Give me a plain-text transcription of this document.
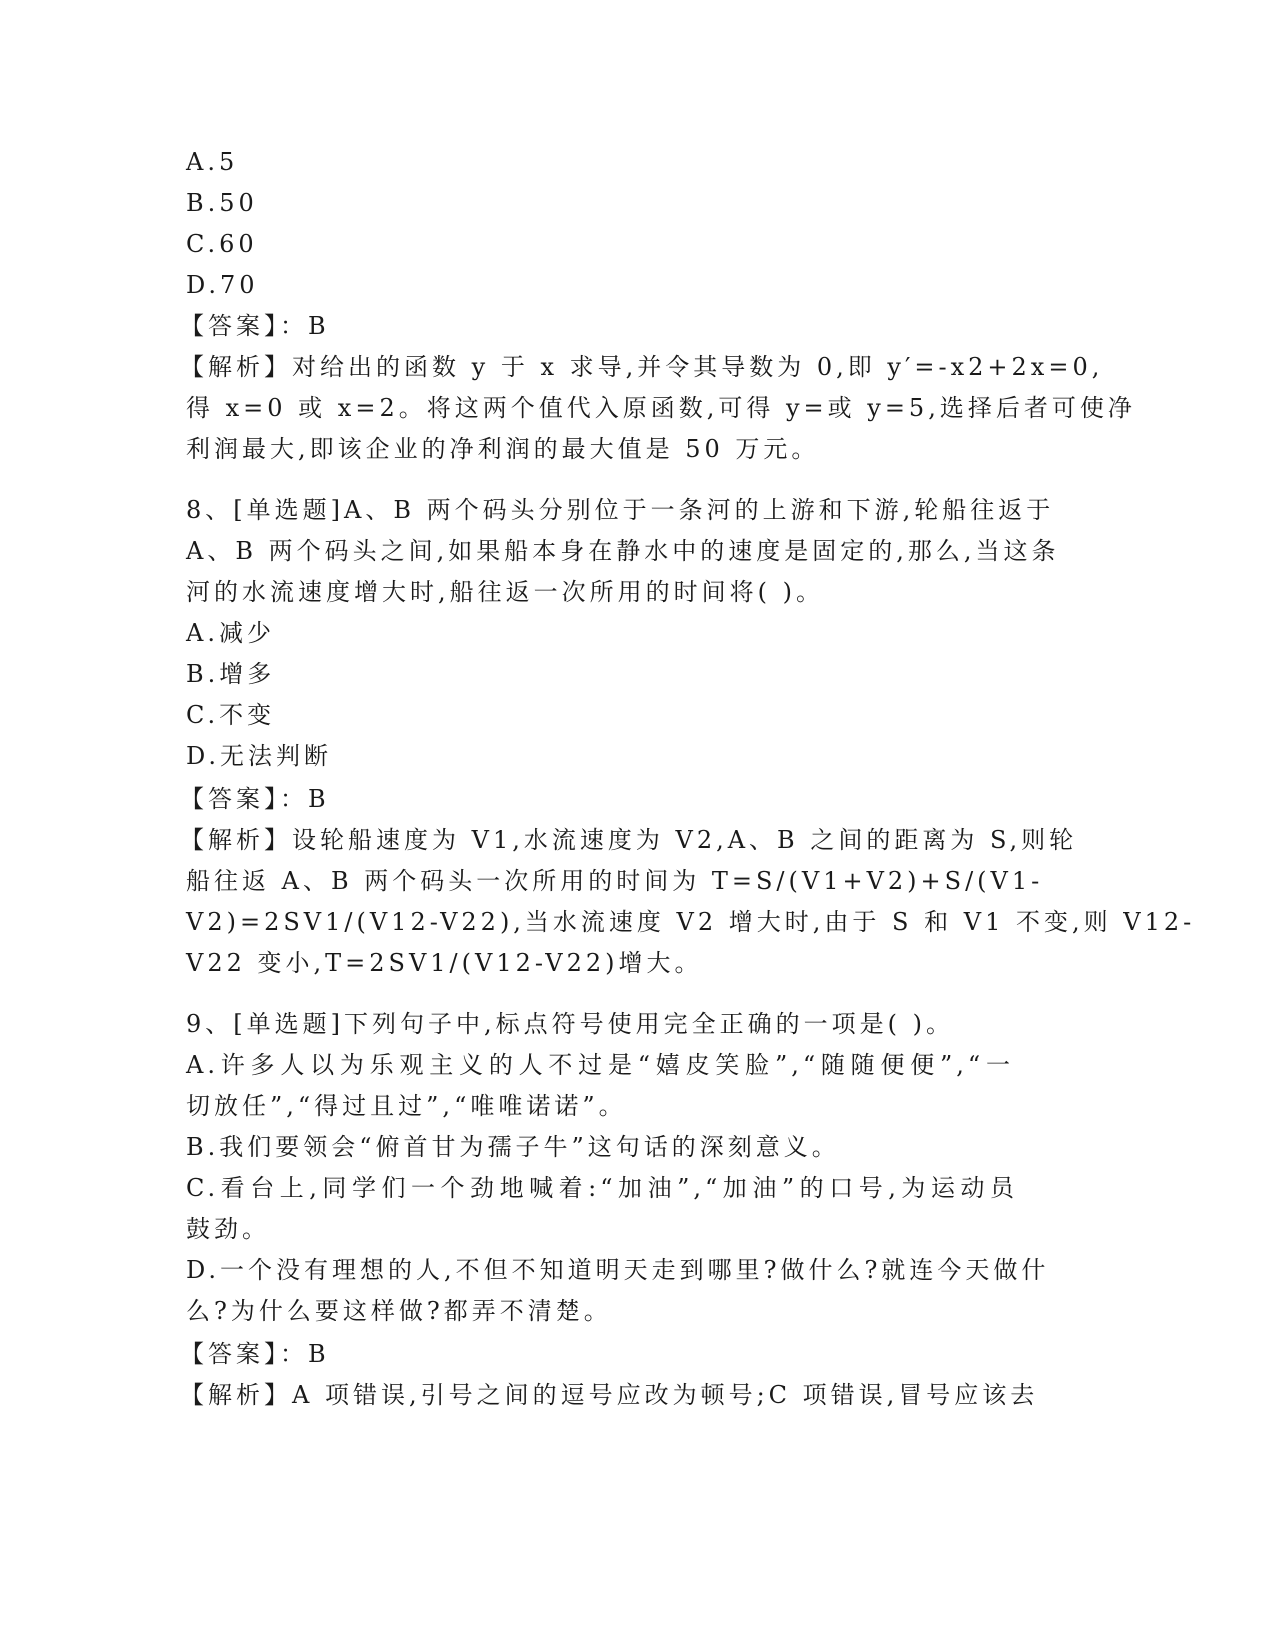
A.5
B.50
C.60
D.70
【答案】：B
【解析】对给出的函数 y 于 x 求导,并令其导数为 0,即 y′=-x2+2x=0,
得 x=0 或 x=2。将这两个值代入原函数,可得 y=或 y=5,选择后者可使净
利润最大,即该企业的净利润的最大值是 50 万元。
8、[单选题]A、B 两个码头分别位于一条河的上游和下游,轮船往返于
A、B 两个码头之间,如果船本身在静水中的速度是固定的,那么,当这条
河的水流速度增大时,船往返一次所用的时间将( )。
A.减少
B.增多
C.不变
D.无法判断
【答案】：B
【解析】设轮船速度为 V1,水流速度为 V2,A、B 之间的距离为 S,则轮
船往返 A、B 两个码头一次所用的时间为 T=S/(V1+V2)+S/(V1-
V2)=2SV1/(V12-V22),当水流速度 V2 增大时,由于 S 和 V1 不变,则 V12-
V22 变小,T=2SV1/(V12-V22)增大。
9、[单选题]下列句子中,标点符号使用完全正确的一项是( )。
A.许多人以为乐观主义的人不过是“嬉皮笑脸”,“随随便便”,“一
切放任”,“得过且过”,“唯唯诺诺”。
B.我们要领会“俯首甘为孺子牛”这句话的深刻意义。
C.看台上,同学们一个劲地喊着:“加油”,“加油”的口号,为运动员
鼓劲。
D.一个没有理想的人,不但不知道明天走到哪里?做什么?就连今天做什
么?为什么要这样做?都弄不清楚。
【答案】：B
【解析】A 项错误,引号之间的逗号应改为顿号;C 项错误,冒号应该去
